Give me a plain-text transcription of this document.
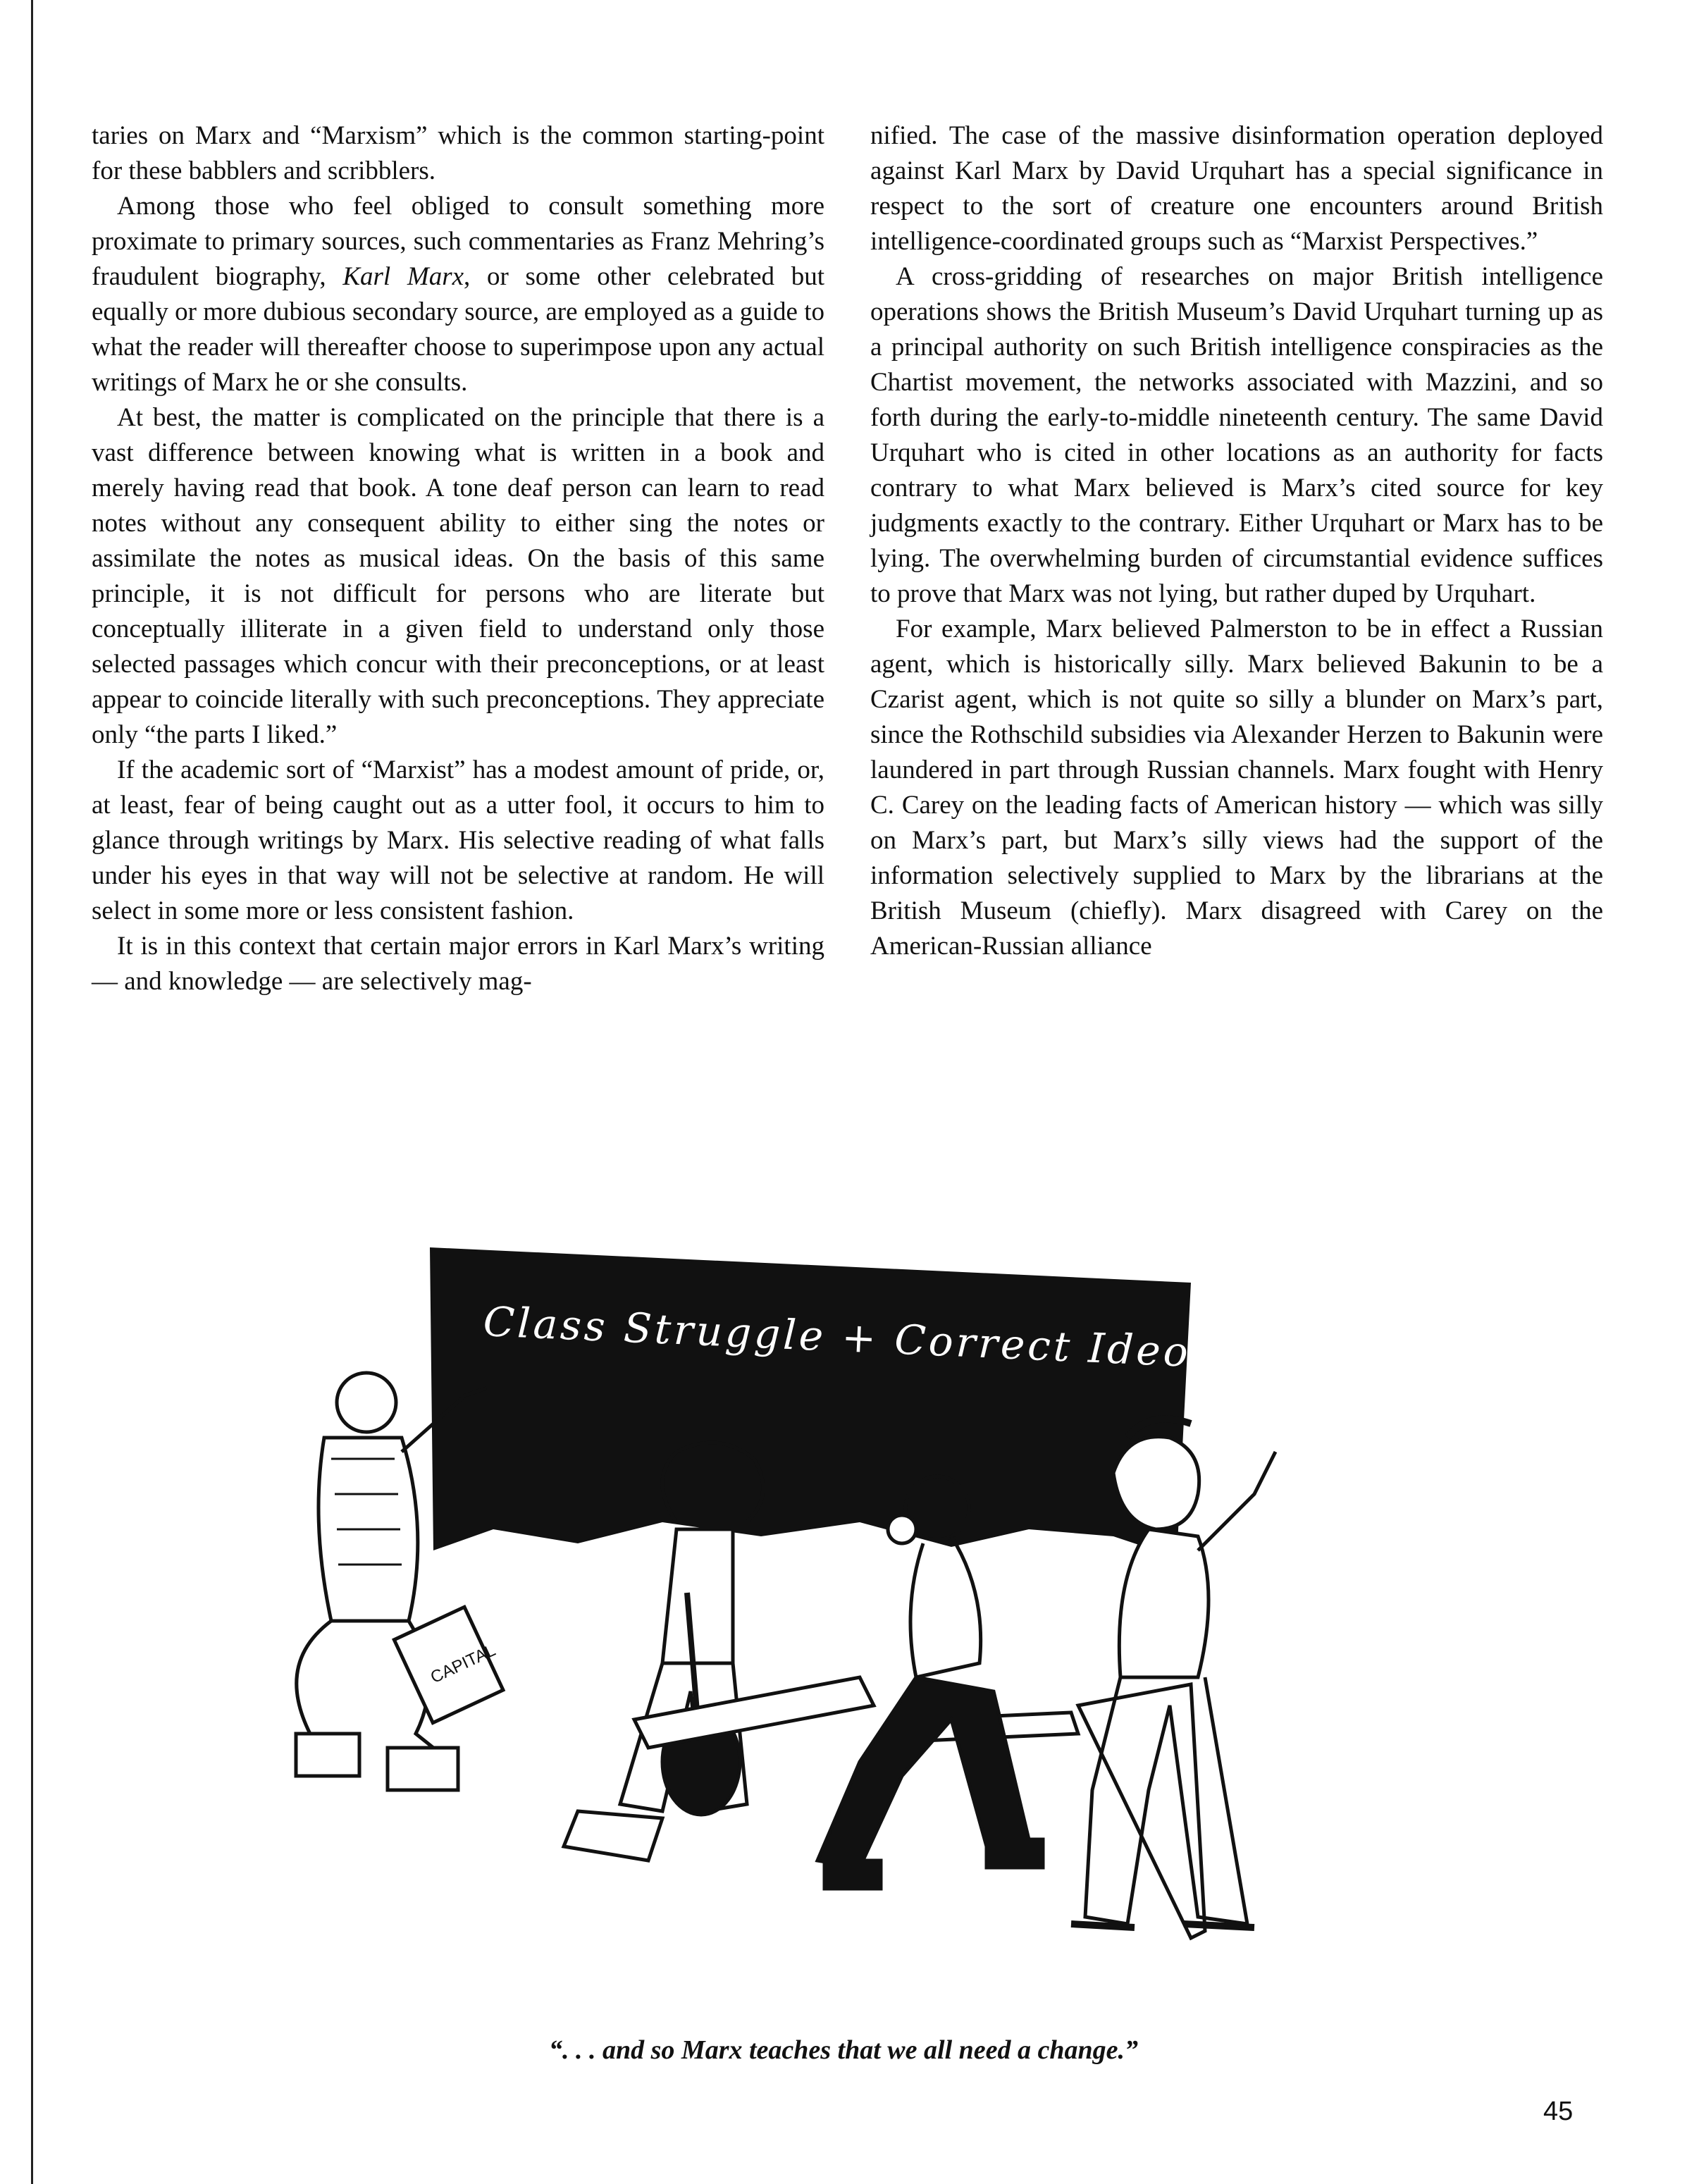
taries on Marx and “Marxism” which is the common starting-point for these babblers and scribblers.

Among those who feel obliged to consult something more proximate to primary sources, such commentaries as Franz Mehring’s fraudulent biography, Karl Marx, or some other celebrated but equally or more dubious secondary source, are employed as a guide to what the reader will thereafter choose to superimpose upon any actual writings of Marx he or she consults.

At best, the matter is complicated on the principle that there is a vast difference between knowing what is written in a book and merely having read that book. A tone deaf person can learn to read notes without any consequent ability to either sing the notes or assimilate the notes as musical ideas. On the basis of this same principle, it is not difficult for persons who are literate but conceptually illiterate in a given field to understand only those selected passages which concur with their preconceptions, or at least appear to coincide literally with such preconceptions. They appreciate only “the parts I liked.”

If the academic sort of “Marxist” has a modest amount of pride, or, at least, fear of being caught out as a utter fool, it occurs to him to glance through writings by Marx. His selective reading of what falls under his eyes in that way will not be selective at random. He will select in some more or less consistent fashion.

It is in this context that certain major errors in Karl Marx’s writing — and knowledge — are selectively mag-

nified. The case of the massive disinformation operation deployed against Karl Marx by David Urquhart has a special significance in respect to the sort of creature one encounters around British intelligence-coordinated groups such as “Marxist Perspectives.”

A cross-gridding of researches on major British intelligence operations shows the British Museum’s David Urquhart turning up as a principal authority on such British intelligence conspiracies as the Chartist movement, the networks associated with Mazzini, and so forth during the early-to-middle nineteenth century. The same David Urquhart who is cited in other locations as an authority for facts contrary to what Marx believed is Marx’s cited source for key judgments exactly to the contrary. Either Urquhart or Marx has to be lying. The overwhelming burden of circumstantial evidence suffices to prove that Marx was not lying, but rather duped by Urquhart.

For example, Marx believed Palmerston to be in effect a Russian agent, which is historically silly. Marx believed Bakunin to be a Czarist agent, which is not quite so silly a blunder on Marx’s part, since the Rothschild subsidies via Alexander Herzen to Bakunin were laundered in part through Russian channels. Marx fought with Henry C. Carey on the leading facts of American history — which was silly on Marx’s part, but Marx’s silly views had the support of the information selectively supplied to Marx by the librarians at the British Museum (chiefly). Marx disagreed with Carey on the American-Russian alliance

Class Struggle + Correct Ideology = Revolution
CAPITAL
“. . . and so Marx teaches that we all need a change.”
45
